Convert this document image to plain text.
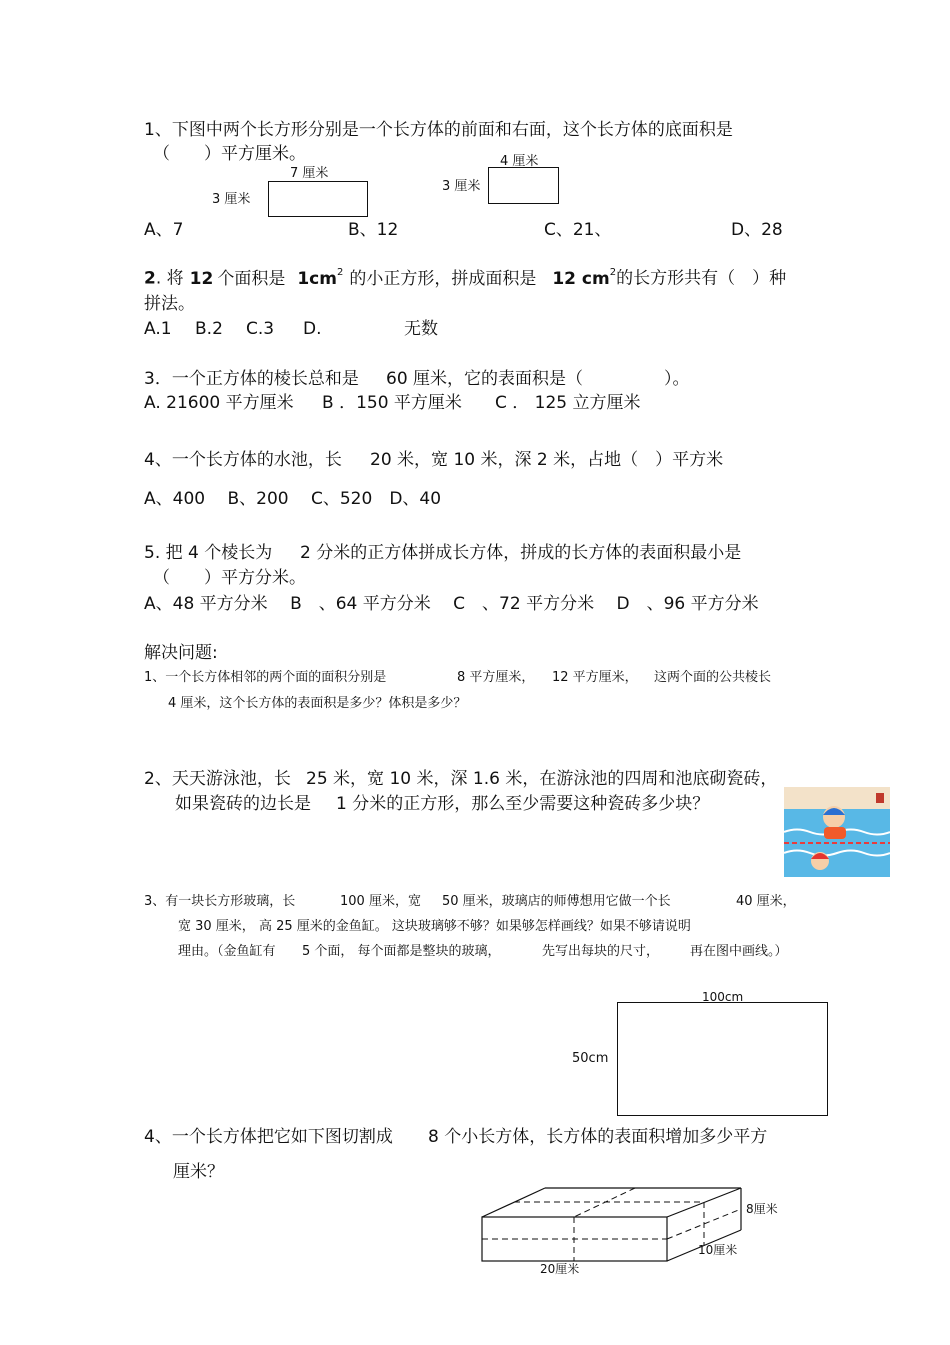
1、下图中两个长方形分别是一个长方体的前面和右面，这个长方体的底面积是
（　　）平方厘米。
7 厘米
3 厘米
4 厘米
3 厘米
A、7	B、12	C、21、	D、28
2. 将 12 个面积是 $1cm^2$ 的小正方形，拼成面积是 12 $cm^2$的长方形共有（　）种
拼法。
A.1 B.2 C.3 D.	无数
3．一个正方体的棱长总和是 60 厘米，它的表面积是（	）。
A. 21600 平方厘米 B ．150 平方厘米 C ． 125 立方厘米
4、一个长方体的水池，长 20 米，宽 10 米，深 2 米，占地（　）平方米
A、400　 B、200　 C、520　D、40
5. 把 4 个棱长为 2 分米的正方体拼成长方体，拼成的长方体的表面积最小是
（　　）平方分米。
A、48 平方分米　 B　、64 平方分米　 C　、72 平方分米　 D　、96 平方分米
解决问题:
1、一个长方体相邻的两个面的面积分别是	8 平方厘米， 12 平方厘米， 这两个面的公共棱长
4 厘米，这个长方体的表面积是多少？体积是多少？
2、天天游泳池，长 25 米，宽 10 米，深 1.6 米，在游泳池的四周和池底砌瓷砖，
如果瓷砖的边长是 1 分米的正方形，那么至少需要这种瓷砖多少块？
3、有一块长方形玻璃，长	100 厘米，宽 50 厘米，玻璃店的师傅想用它做一个长	40 厘米，
宽 30 厘米， 高 25 厘米的金鱼缸。 这块玻璃够不够？如果够怎样画线？如果不够请说明
理由。（金鱼缸有 5 个面， 每个面都是整块的玻璃，	先写出每块的尺寸， 再在图中画线。）
100cm
50cm
4、一个长方体把它如下图切割成 8 个小长方体，长方体的表面积增加多少平方
厘米？
8厘米
10厘米
20厘米
